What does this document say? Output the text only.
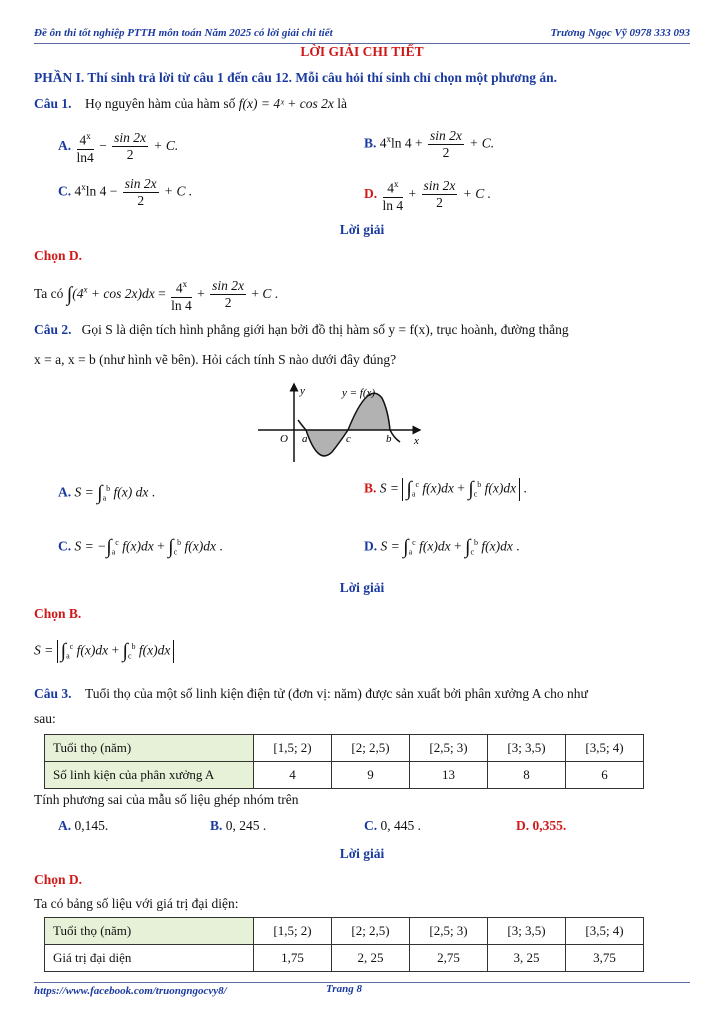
Đề ôn thi tốt nghiệp PTTH môn toán Năm 2025 có lời giải chi tiết	Trương Ngọc Vỹ 0978 333 093
LỜI GIẢI CHI TIẾT
PHẦN I. Thí sinh trả lời từ câu 1 đến câu 12. Mỗi câu hỏi thí sinh chỉ chọn một phương án.
Câu 1. Họ nguyên hàm của hàm số f(x) = 4ˣ + cos 2x là
A. $\frac{4^x}{\ln 4} - \frac{\sin 2x}{2} + C$.	B. 4$^x$ln $4 + \frac{\sin 2x}{2} + C$.
C. 4$^x$ln $4 - \frac{\sin 2x}{2} + C$ .	D. $\frac{4^x}{\ln 4} + \frac{\sin 2x}{2} + C$ .
Lời giải
Chọn D.
Ta có $\int(4^x + \cos 2x)dx = \frac{4^x}{\ln 4} + \frac{\sin 2x}{2} + C$ .
Câu 2. Gọi S là diện tích hình phẳng giới hạn bởi đồ thị hàm số y = f(x), trục hoành, đường thẳng
x = a, x = b (như hình vẽ bên). Hỏi cách tính S nào dưới đây đúng?
y	y = f(x)
O a	c	b x
A. $S = \int_a^b$ f(x) dx .	B. $S = \int_a^c$ $f(x)dx + \int_c^b$ f(x)dx .
C. $S = -\int_a^c$ $f(x)dx + \int_c^b$ f(x)dx .	D. $S = \int_a^c$ $f(x)dx + \int_c^b$ f(x)dx .
Lời giải
Chọn B.
$S = \int_a^c$ $f(x)dx + \int_c^b$ f(x)dx
Câu 3. Tuổi thọ của một số linh kiện điện tử (đơn vị: năm) được sản xuất bởi phân xưởng A cho như
sau:
Tuổi thọ (năm)	[1,5; 2)	[2; 2,5)	[2,5; 3)	[3; 3,5)	[3,5; 4)
Số linh kiện của phân xưởng A	4	9	13	8	6
Tính phương sai của mẫu số liệu ghép nhóm trên
A. 0,145.	B. 0, 245 .	C. 0, 445 .	D. 0,355.
Lời giải
Chọn D.
Ta có bảng số liệu với giá trị đại diện:
Tuổi thọ (năm)	[1,5; 2)	[2; 2,5)	[2,5; 3)	[3; 3,5)	[3,5; 4)
Giá trị đại diện	1,75	2, 25	2,75	3, 25	3,75
https://www.facebook.com/truongngocvy8/	Trang 8
